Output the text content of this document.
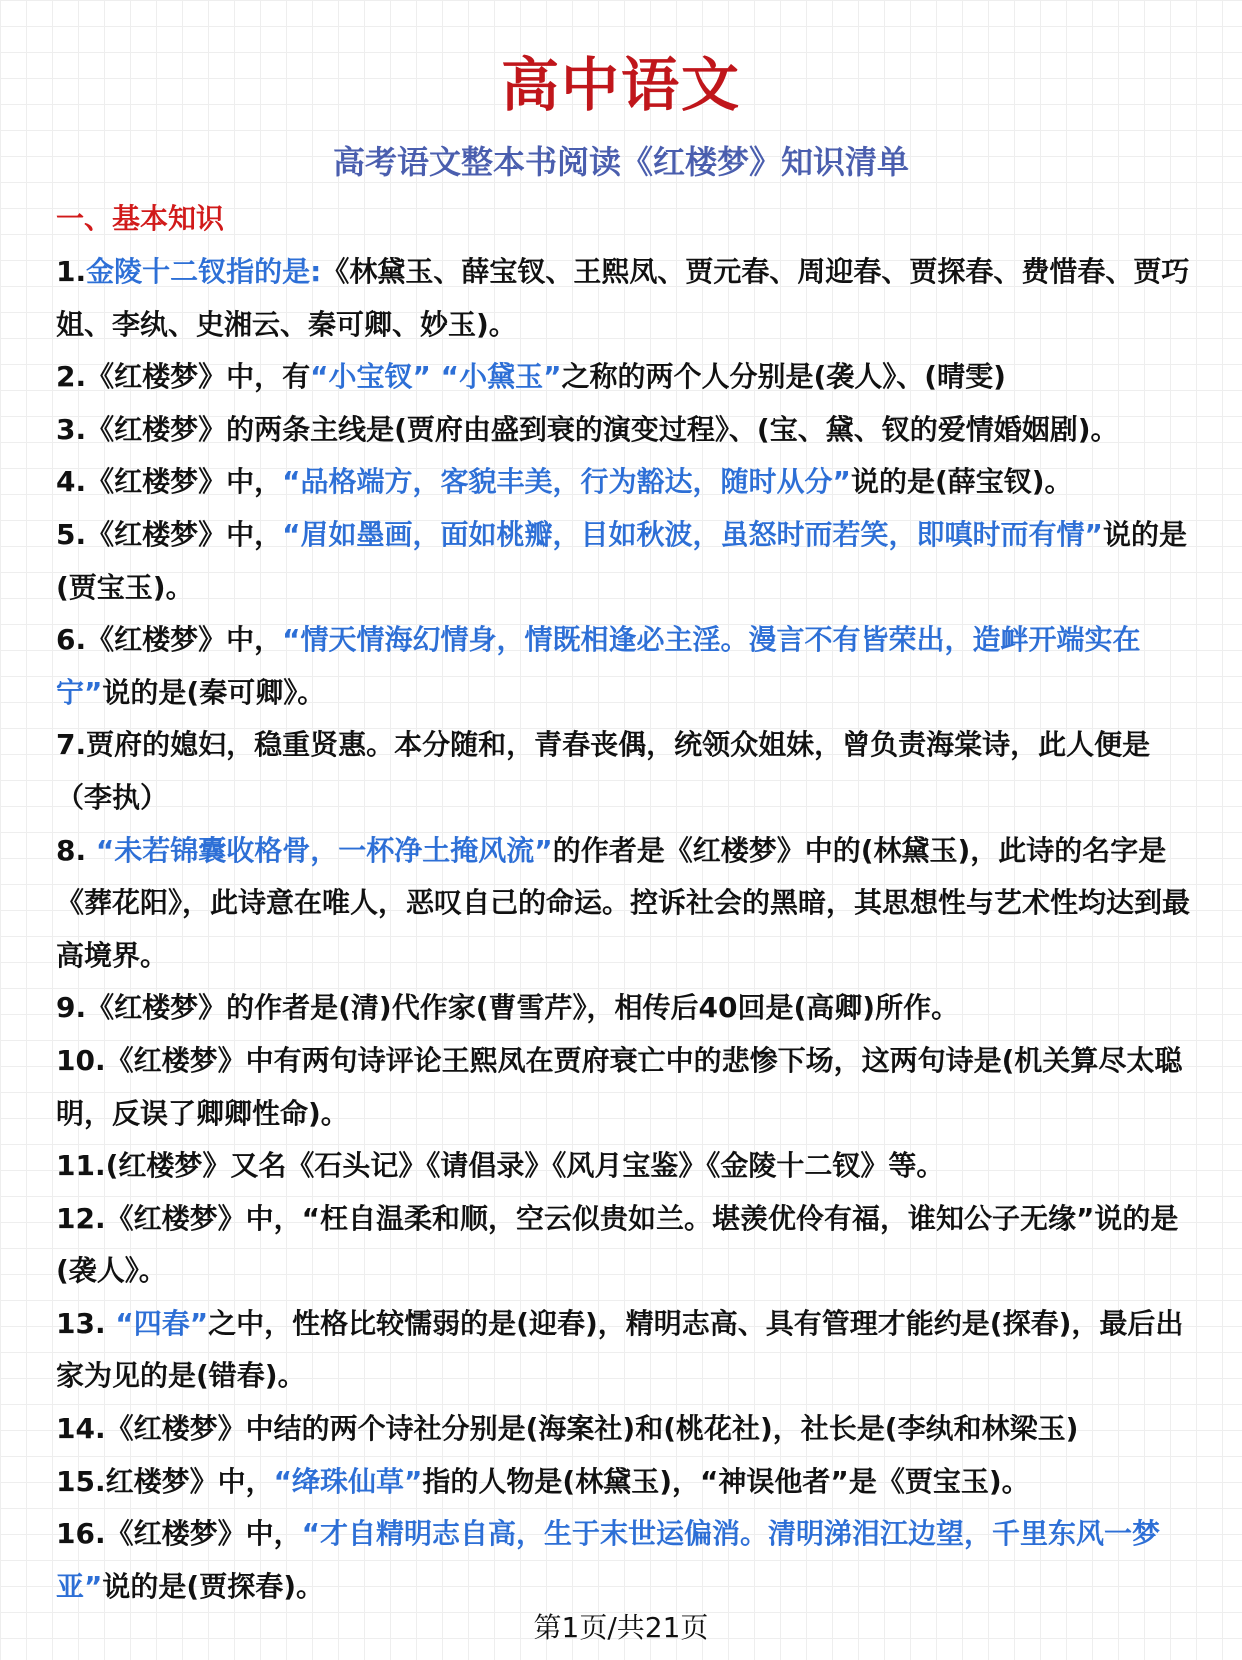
高中语文
高考语文整本书阅读《红楼梦》知识清单
一、基本知识

1.金陵十二钗指的是:《林黛玉、薛宝钗、王熙凤、贾元春、周迎春、贾探春、费惜春、贾巧姐、李纨、史湘云、秦可卿、妙玉)。

2.《红楼梦》中，有“小宝钗” “小黛玉”之称的两个人分别是(袭人》、(晴雯)

3.《红楼梦》的两条主线是(贾府由盛到衰的演变过程》、(宝、黛、钗的爱情婚姻剧)。

4.《红楼梦》中，“品格端方，客貌丰美，行为豁达，随时从分”说的是(薛宝钗)。

5.《红楼梦》中，“眉如墨画，面如桃瓣，目如秋波，虽怒时而若笑，即嗔时而有情”说的是(贾宝玉)。

6.《红楼梦》中，“情天情海幻情身，情既相逢必主淫。漫言不有皆荣出，造衅开端实在宁”说的是(秦可卿》。

7.贾府的媳妇，稳重贤惠。本分随和，青春丧偶，统领众姐妹，曾负责海棠诗，此人便是（李执）

8. “未若锦囊收格骨，一杯净土掩风流”的作者是《红楼梦》中的(林黛玉)，此诗的名字是《葬花阳》，此诗意在唯人，恶叹自己的命运。控诉社会的黑暗，其思想性与艺术性均达到最高境界。

9.《红楼梦》的作者是(清)代作家(曹雪芹》，相传后40回是(高卿)所作。

10.《红楼梦》中有两句诗评论王熙凤在贾府衰亡中的悲惨下场，这两句诗是(机关算尽太聪明，反误了卿卿性命)。

11.(红楼梦》又名《石头记》《请倡录》《风月宝鉴》《金陵十二钗》等。

12.《红楼梦》中，“枉自温柔和顺，空云似贵如兰。堪羡优伶有福，谁知公子无缘”说的是(袭人》。

13. “四春”之中，性格比较懦弱的是(迎春)，精明志高、具有管理才能约是(探春)，最后出家为见的是(错春)。

14.《红楼梦》中结的两个诗社分别是(海案社)和(桃花社)，社长是(李纨和林梁玉)

15.红楼梦》中，“绛珠仙草”指的人物是(林黛玉)，“神误他者”是《贾宝玉)。

16.《红楼梦》中，“才自精明志自高，生于末世运偏消。清明涕泪江边望，千里东风一梦亚”说的是(贾探春)。

第1页/共21页
